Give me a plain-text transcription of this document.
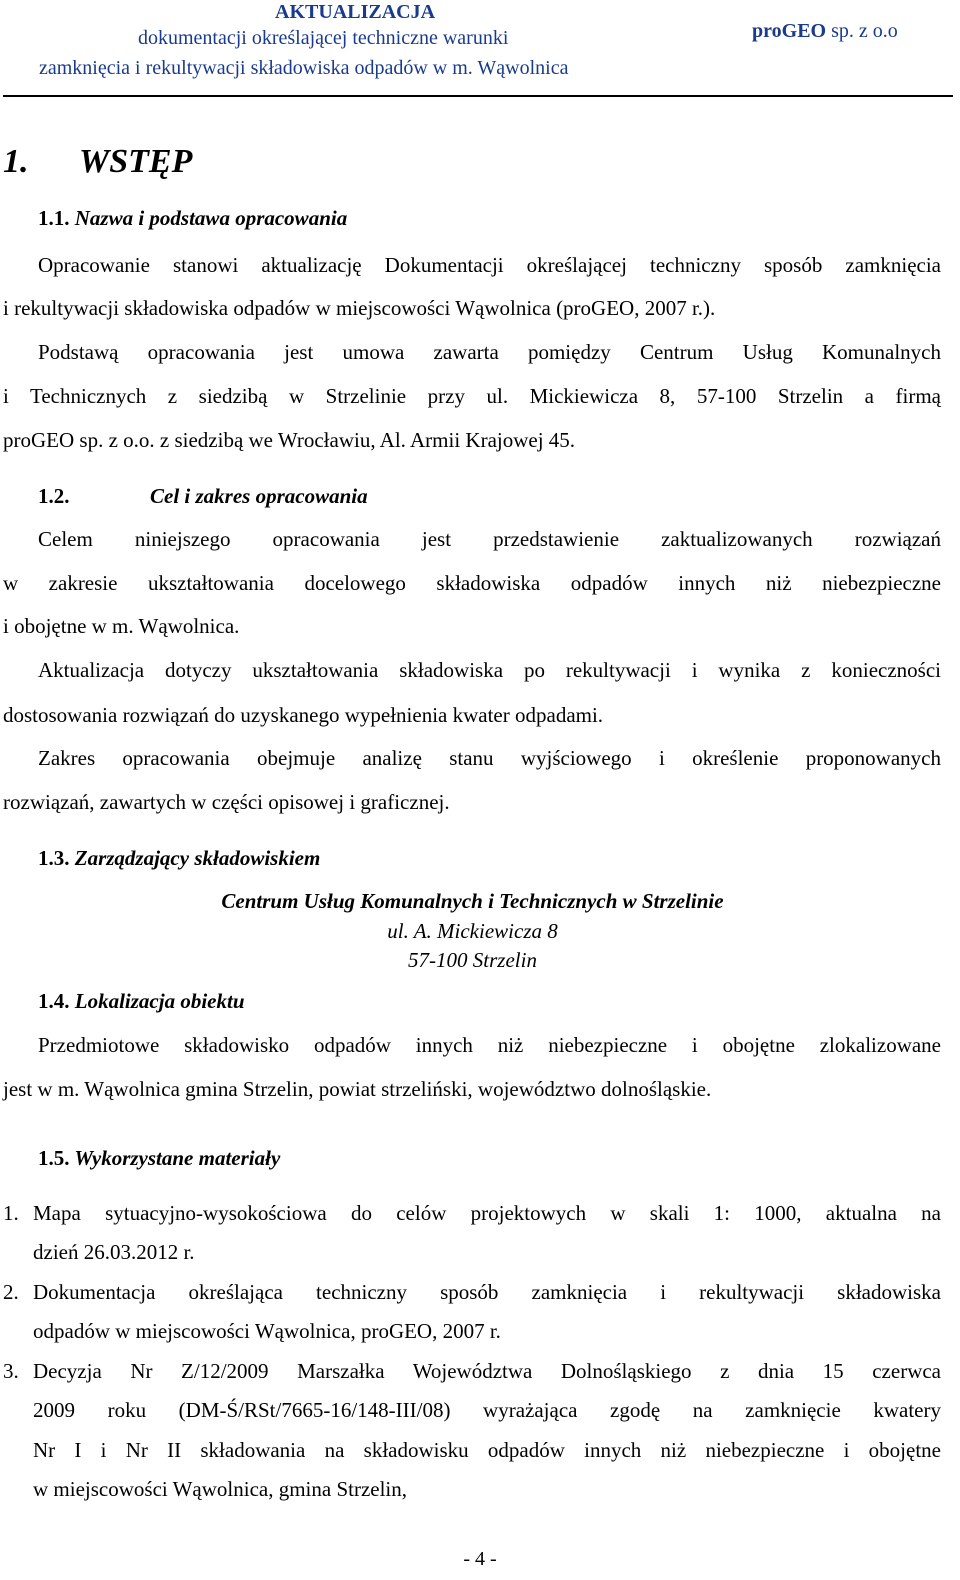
AKTUALIZACJA
dokumentacji określającej techniczne warunki
zamknięcia i rekultywacji składowiska odpadów w m. Wąwolnica
proGEO sp. z o.o
1. WSTĘP
1.1. Nazwa i podstawa opracowania
Opracowanie stanowi aktualizację Dokumentacji określającej techniczny sposób zamknięcia
i rekultywacji składowiska odpadów w miejscowości Wąwolnica (proGEO, 2007 r.).
Podstawą opracowania jest umowa zawarta pomiędzy Centrum Usług Komunalnych
i Technicznych z siedzibą w Strzelinie przy ul. Mickiewicza 8, 57-100 Strzelin a firmą
proGEO sp. z o.o. z siedzibą we Wrocławiu, Al. Armii Krajowej 45.
1.2.	Cel i zakres opracowania
Celem niniejszego opracowania jest przedstawienie zaktualizowanych rozwiązań
w zakresie ukształtowania docelowego składowiska odpadów innych niż niebezpieczne
i obojętne w m. Wąwolnica.
Aktualizacja dotyczy ukształtowania składowiska po rekultywacji i wynika z konieczności
dostosowania rozwiązań do uzyskanego wypełnienia kwater odpadami.
Zakres opracowania obejmuje analizę stanu wyjściowego i określenie proponowanych
rozwiązań, zawartych w części opisowej i graficznej.
1.3. Zarządzający składowiskiem
Centrum Usług Komunalnych i Technicznych w Strzelinie
ul. A. Mickiewicza 8
57-100 Strzelin
1.4. Lokalizacja obiektu
Przedmiotowe składowisko odpadów innych niż niebezpieczne i obojętne zlokalizowane
jest w m. Wąwolnica gmina Strzelin, powiat strzeliński, województwo dolnośląskie.
1.5. Wykorzystane materiały
1. Mapa sytuacyjno-wysokościowa do celów projektowych w skali 1: 1000, aktualna na
dzień 26.03.2012 r.
2. Dokumentacja określająca techniczny sposób zamknięcia i rekultywacji składowiska
odpadów w miejscowości Wąwolnica, proGEO, 2007 r.
3. Decyzja Nr Z/12/2009 Marszałka Województwa Dolnośląskiego z dnia 15 czerwca
2009 roku (DM-Ś/RSt/7665-16/148-III/08) wyrażająca zgodę na zamknięcie kwatery
Nr I i Nr II składowania na składowisku odpadów innych niż niebezpieczne i obojętne
w miejscowości Wąwolnica, gmina Strzelin,
- 4 -
